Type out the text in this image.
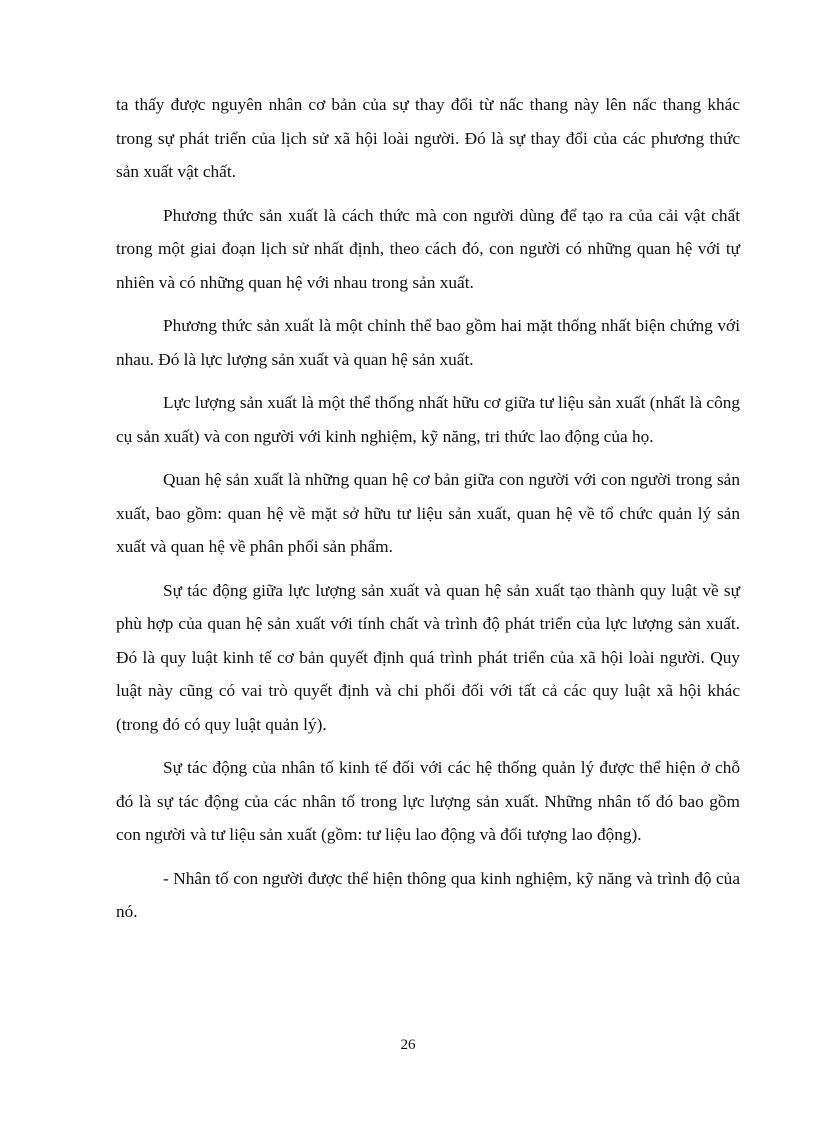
ta thấy được nguyên nhân cơ bản của sự thay đổi từ nấc thang này lên nấc thang khác trong sự phát triển của lịch sử xã hội loài người. Đó là sự thay đổi của các phương thức sản xuất vật chất.

Phương thức sản xuất là cách thức mà con người dùng để tạo ra của cải vật chất trong một giai đoạn lịch sử nhất định, theo cách đó, con người có những quan hệ với tự nhiên và có những quan hệ với nhau trong sản xuất.

Phương thức sản xuất là một chỉnh thể bao gồm hai mặt thống nhất biện chứng với nhau. Đó là lực lượng sản xuất và quan hệ sản xuất.

Lực lượng sản xuất là một thể thống nhất hữu cơ giữa tư liệu sản xuất (nhất là công cụ sản xuất) và con người với kinh nghiệm, kỹ năng, tri thức lao động của họ.

Quan hệ sản xuất là những quan hệ cơ bản giữa con người với con người trong sản xuất, bao gồm: quan hệ về mặt sở hữu tư liệu sản xuất, quan hệ về tổ chức quản lý sản xuất và quan hệ về phân phối sản phẩm.

Sự tác động giữa lực lượng sản xuất và quan hệ sản xuất tạo thành quy luật về sự phù hợp của quan hệ sản xuất với tính chất và trình độ phát triển của lực lượng sản xuất. Đó là quy luật kinh tế cơ bản quyết định quá trình phát triển của xã hội loài người. Quy luật này cũng có vai trò quyết định và chi phối đối với tất cả các quy luật xã hội khác (trong đó có quy luật quản lý).

Sự tác động của nhân tố kinh tế đối với các hệ thống quản lý được thể hiện ở chỗ đó là sự tác động của các nhân tố trong lực lượng sản xuất. Những nhân tố đó bao gồm con người và tư liệu sản xuất (gồm: tư liệu lao động và đối tượng lao động).

- Nhân tố con người được thể hiện thông qua kinh nghiệm, kỹ năng và trình độ của nó.

26
